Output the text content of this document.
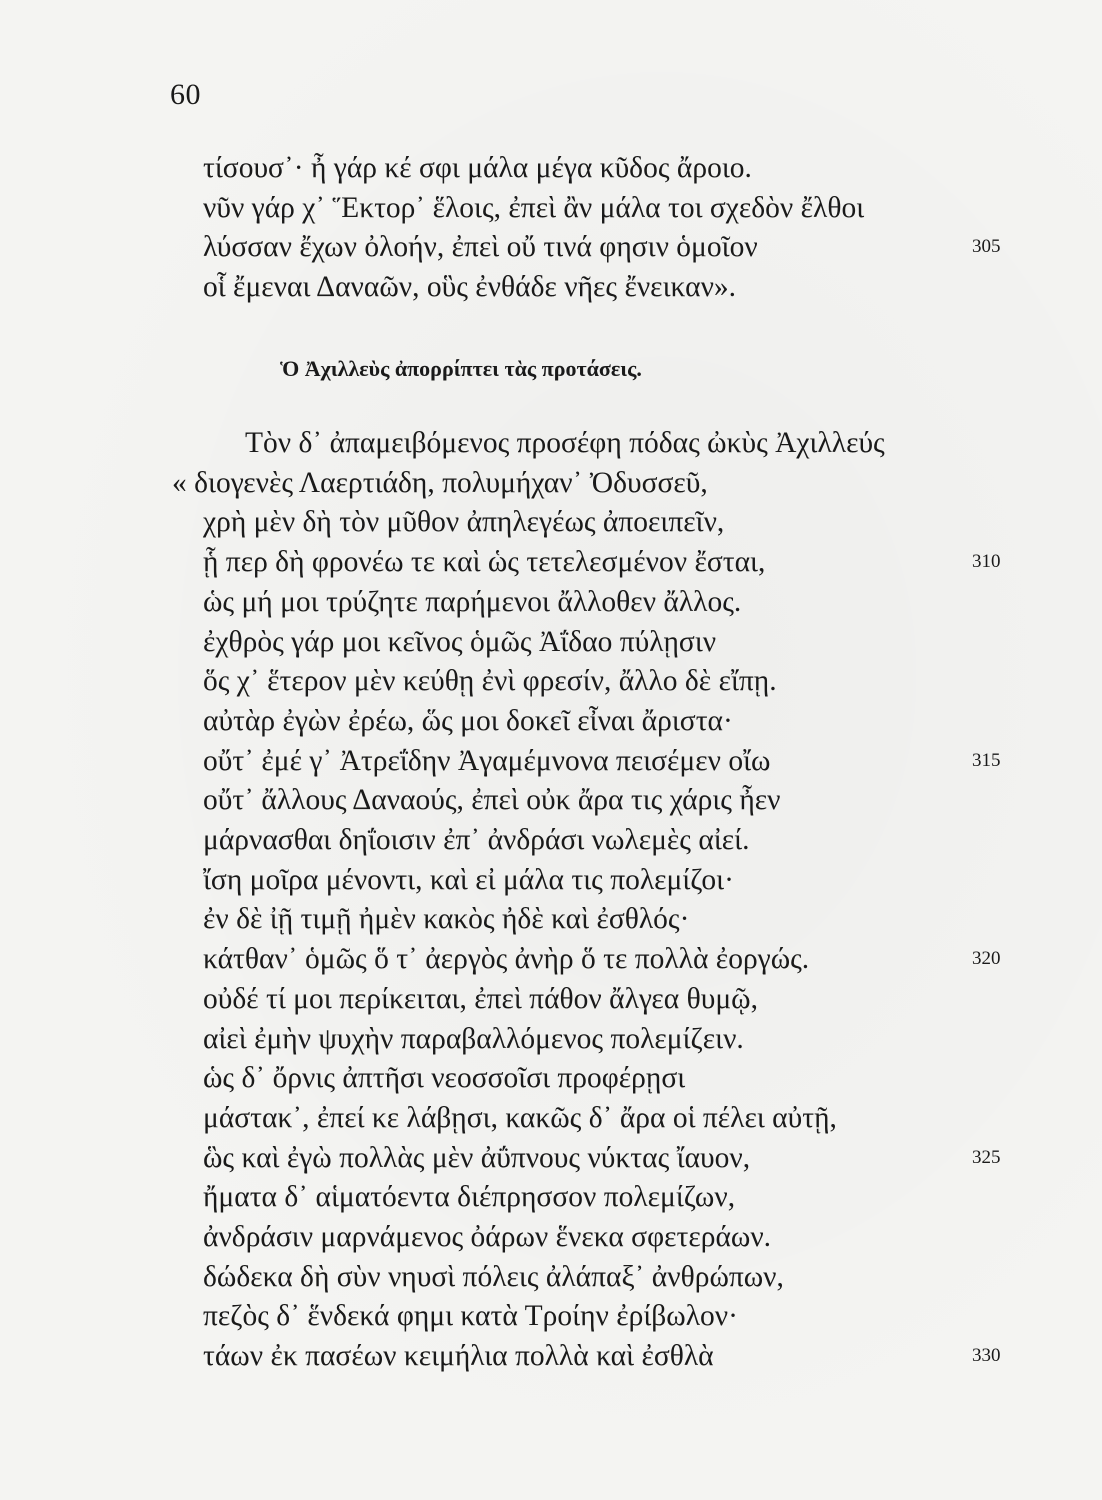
60
τίσουσ᾽· ἦ γάρ κέ σφι μάλα μέγα κῦδος ἄροιο.
νῦν γάρ χ᾽ Ἕκτορ᾽ ἕλοις, ἐπεὶ ἂν μάλα τοι σχεδὸν ἔλθοι
λύσσαν ἔχων ὀλοήν, ἐπεὶ οὔ τινά φησιν ὁμοῖον	305
οἷ ἔμεναι Δαναῶν, οὓς ἐνθάδε νῆες ἔνεικαν».
Ὁ Ἀχιλλεὺς ἀπορρίπτει τὰς προτάσεις.
Τὸν δ᾽ ἀπαμειβόμενος προσέφη πόδας ὠκὺς Ἀχιλλεύς
« διογενὲς Λαερτιάδη, πολυμήχαν᾽ Ὀδυσσεῦ,
χρὴ μὲν δὴ τὸν μῦθον ἀπηλεγέως ἀποειπεῖν,
ᾗ περ δὴ φρονέω τε καὶ ὡς τετελεσμένον ἔσται,	310
ὡς μή μοι τρύζητε παρήμενοι ἄλλοθεν ἄλλος.
ἐχθρὸς γάρ μοι κεῖνος ὁμῶς Ἀΐδαο πύλῃσιν
ὅς χ᾽ ἕτερον μὲν κεύθῃ ἐνὶ φρεσίν, ἄλλο δὲ εἴπῃ.
αὐτὰρ ἐγὼν ἐρέω, ὥς μοι δοκεῖ εἶναι ἄριστα·
οὔτ᾽ ἐμέ γ᾽ Ἀτρεΐδην Ἀγαμέμνονα πεισέμεν οἴω	315
οὔτ᾽ ἄλλους Δαναούς, ἐπεὶ οὐκ ἄρα τις χάρις ἦεν
μάρνασθαι δηΐοισιν ἐπ᾽ ἀνδράσι νωλεμὲς αἰεί.
ἴση μοῖρα μένοντι, καὶ εἰ μάλα τις πολεμίζοι·
ἐν δὲ ἰῇ τιμῇ ἠμὲν κακὸς ἠδὲ καὶ ἐσθλός·
κάτθαν᾽ ὁμῶς ὅ τ᾽ ἀεργὸς ἀνὴρ ὅ τε πολλὰ ἐοργώς.	320
οὐδέ τί μοι περίκειται, ἐπεὶ πάθον ἄλγεα θυμῷ,
αἰεὶ ἐμὴν ψυχὴν παραβαλλόμενος πολεμίζειν.
ὡς δ᾽ ὄρνις ἀπτῆσι νεοσσοῖσι προφέρῃσι
μάστακ᾽, ἐπεί κε λάβῃσι, κακῶς δ᾽ ἄρα οἱ πέλει αὐτῇ,
ὣς καὶ ἐγὼ πολλὰς μὲν ἀΰπνους νύκτας ἴαυον,	325
ἤματα δ᾽ αἱματόεντα διέπρησσον πολεμίζων,
ἀνδράσιν μαρνάμενος ὀάρων ἕνεκα σφετεράων.
δώδεκα δὴ σὺν νηυσὶ πόλεις ἀλάπαξ᾽ ἀνθρώπων,
πεζὸς δ᾽ ἕνδεκά φημι κατὰ Τροίην ἐρίβωλον·
τάων ἐκ πασέων κειμήλια πολλὰ καὶ ἐσθλὰ	330
